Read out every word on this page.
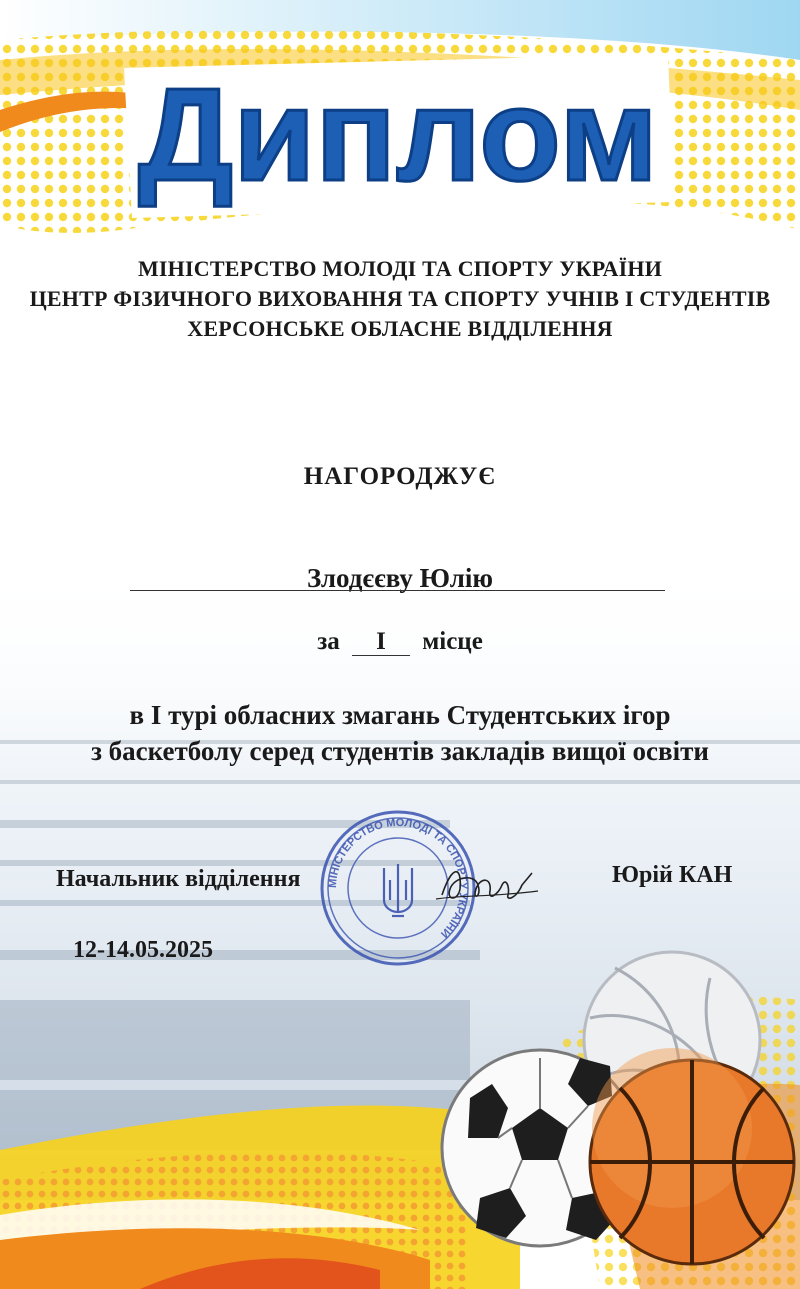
Диплом
МІНІСТЕРСТВО МОЛОДІ ТА СПОРТУ УКРАЇНИ
ЦЕНТР ФІЗИЧНОГО ВИХОВАННЯ ТА СПОРТУ УЧНІВ І СТУДЕНТІВ
ХЕРСОНСЬКЕ ОБЛАСНЕ ВІДДІЛЕННЯ
НАГОРОДЖУЄ
Злодєєву Юлію
за I місце
в I турі обласних змагань Студентських ігор
з баскетболу серед студентів закладів вищої освіти
Начальник відділення	Юрій КАН
12-14.05.2025
МІНІСТЕРСТВО МОЛОДІ ТА СПОРТУ УКРАЇНИ
